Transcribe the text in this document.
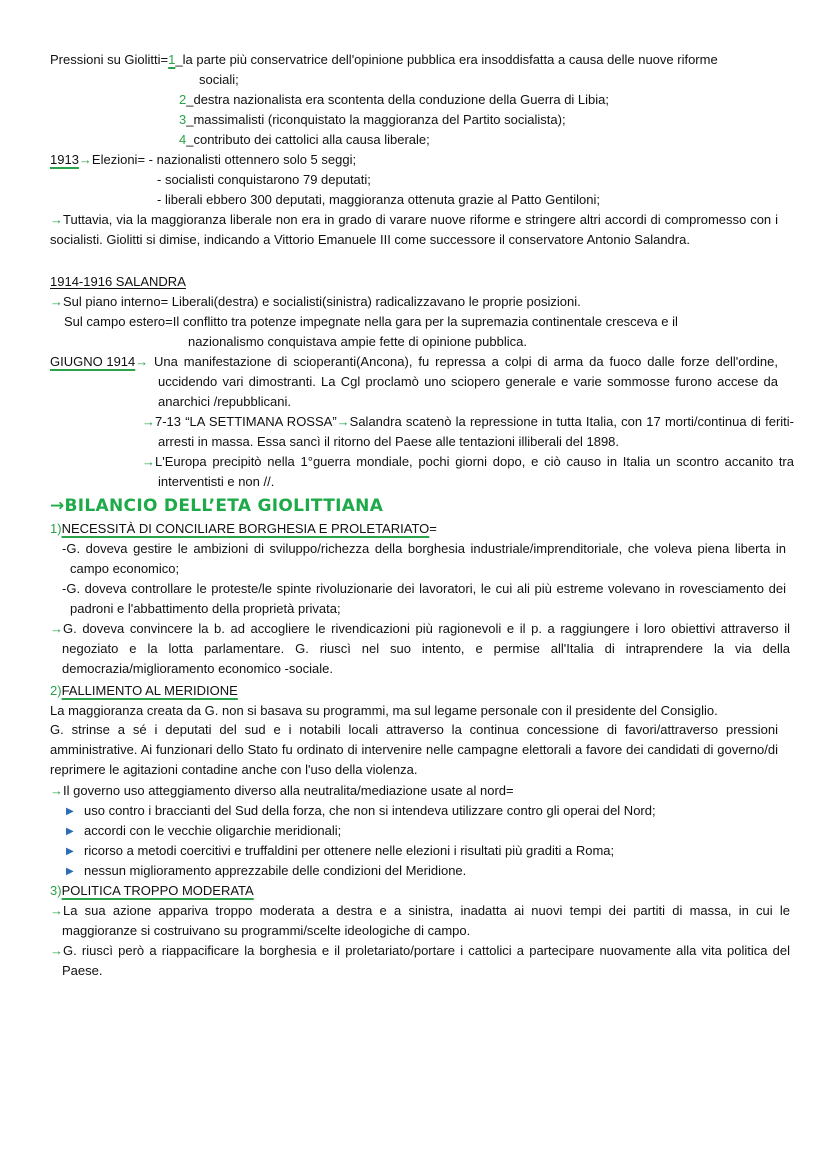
Pressioni su Giolitti=1_la parte più conservatrice dell'opinione pubblica era insoddisfatta a causa delle nuove riforme
sociali;
2_destra nazionalista era scontenta della conduzione della Guerra di Libia;
3_massimalisti (riconquistato la maggioranza del Partito socialista);
4_contributo dei cattolici alla causa liberale;
1913→Elezioni= - nazionalisti ottennero solo 5 seggi;
- socialisti conquistarono 79 deputati;
- liberali ebbero 300 deputati, maggioranza ottenuta grazie al Patto Gentiloni;
→Tuttavia, via la maggioranza liberale non era in grado di varare nuove riforme e stringere altri accordi di compromesso con i socialisti. Giolitti si dimise, indicando a Vittorio Emanuele III come successore il conservatore Antonio Salandra.
1914-1916 SALANDRA
→Sul piano interno= Liberali(destra) e socialisti(sinistra) radicalizzavano le proprie posizioni.
Sul campo estero=Il conflitto tra potenze impegnate nella gara per la supremazia continentale cresceva e il
nazionalismo conquistava ampie fette di opinione pubblica.
GIUGNO 1914→ Una manifestazione di scioperanti(Ancona), fu repressa a colpi di arma da fuoco dalle forze dell'ordine, uccidendo vari dimostranti. La Cgl proclamò uno sciopero generale e varie sommosse furono accese da anarchici /repubblicani.
→7-13 “LA SETTIMANA ROSSA”→Salandra scatenò la repressione in tutta Italia, con 17 morti/continua di feriti-arresti in massa. Essa sancì il ritorno del Paese alle tentazioni illiberali del 1898.
→L'Europa precipitò nella 1°guerra mondiale, pochi giorni dopo, e ciò causo in Italia un scontro accanito tra interventisti e non //.
→BILANCIO DELL’ETA GIOLITTIANA
1)NECESSITÀ DI CONCILIARE BORGHESIA E PROLETARIATO=
-G. doveva gestire le ambizioni di sviluppo/richezza della borghesia industriale/imprenditoriale, che voleva piena liberta in campo economico;
-G. doveva controllare le proteste/le spinte rivoluzionarie dei lavoratori, le cui ali più estreme volevano in rovesciamento dei padroni e l'abbattimento della proprietà privata;
→G. doveva convincere la b. ad accogliere le rivendicazioni più ragionevoli e il p. a raggiungere i loro obiettivi attraverso il negoziato e la lotta parlamentare. G. riuscì nel suo intento, e permise all'Italia di intraprendere la via della democrazia/miglioramento economico -sociale.
2)FALLIMENTO AL MERIDIONE
La maggioranza creata da G. non si basava su programmi, ma sul legame personale con il presidente del Consiglio.
G. strinse a sé i deputati del sud e i notabili locali attraverso la continua concessione di favori/attraverso pressioni amministrative. Ai funzionari dello Stato fu ordinato di intervenire nelle campagne elettorali a favore dei candidati di governo/di reprimere le agitazioni contadine anche con l'uso della violenza.
→Il governo uso atteggiamento diverso alla neutralita/mediazione usate al nord=
▶ uso contro i braccianti del Sud della forza, che non si intendeva utilizzare contro gli operai del Nord;
▶ accordi con le vecchie oligarchie meridionali;
▶ ricorso a metodi coercitivi e truffaldini per ottenere nelle elezioni i risultati più graditi a Roma;
▶ nessun miglioramento apprezzabile delle condizioni del Meridione.
3)POLITICA TROPPO MODERATA
→La sua azione appariva troppo moderata a destra e a sinistra, inadatta ai nuovi tempi dei partiti di massa, in cui le maggioranze si costruivano su programmi/scelte ideologiche di campo.
→G. riuscì però a riappacificare la borghesia e il proletariato/portare i cattolici a partecipare nuovamente alla vita politica del Paese.
